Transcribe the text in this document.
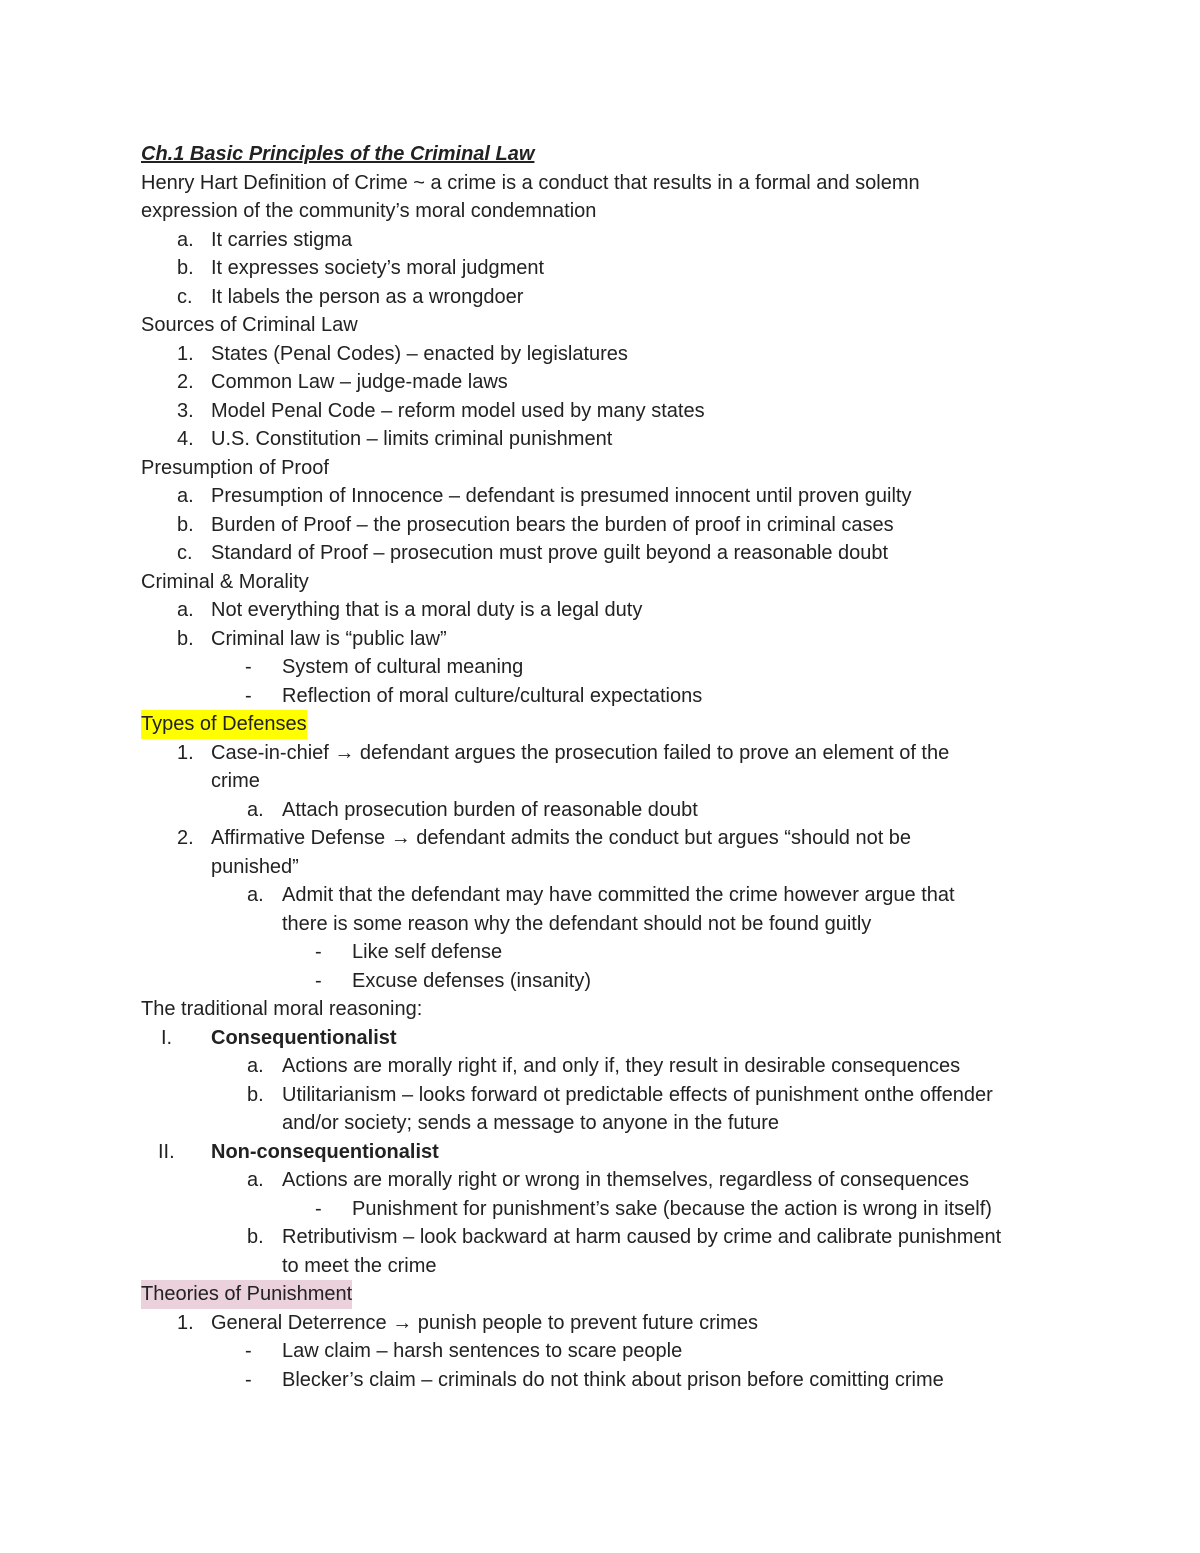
Ch.1 Basic Principles of the Criminal Law
Henry Hart Definition of Crime ~ a crime is a conduct that results in a formal and solemn
expression of the community’s moral condemnation
a. It carries stigma
b. It expresses society’s moral judgment
c. It labels the person as a wrongdoer
Sources of Criminal Law
1. States (Penal Codes) – enacted by legislatures
2. Common Law – judge-made laws
3. Model Penal Code – reform model used by many states
4. U.S. Constitution – limits criminal punishment
Presumption of Proof
a. Presumption of Innocence – defendant is presumed innocent until proven guilty
b. Burden of Proof – the prosecution bears the burden of proof in criminal cases
c. Standard of Proof – prosecution must prove guilt beyond a reasonable doubt
Criminal & Morality
a. Not everything that is a moral duty is a legal duty
b. Criminal law is “public law”
- System of cultural meaning
- Reflection of moral culture/cultural expectations
Types of Defenses
1. Case-in-chief → defendant argues the prosecution failed to prove an element of the
crime
a. Attach prosecution burden of reasonable doubt
2. Affirmative Defense → defendant admits the conduct but argues “should not be
punished”
a. Admit that the defendant may have committed the crime however argue that
there is some reason why the defendant should not be found guitly
- Like self defense
- Excuse defenses (insanity)
The traditional moral reasoning:
I. Consequentionalist
a. Actions are morally right if, and only if, they result in desirable consequences
b. Utilitarianism – looks forward ot predictable effects of punishment onthe offender
and/or society; sends a message to anyone in the future
II. Non-consequentionalist
a. Actions are morally right or wrong in themselves, regardless of consequences
- Punishment for punishment’s sake (because the action is wrong in itself)
b. Retributivism – look backward at harm caused by crime and calibrate punishment
to meet the crime
Theories of Punishment
1. General Deterrence → punish people to prevent future crimes
- Law claim – harsh sentences to scare people
- Blecker’s claim – criminals do not think about prison before comitting crime
